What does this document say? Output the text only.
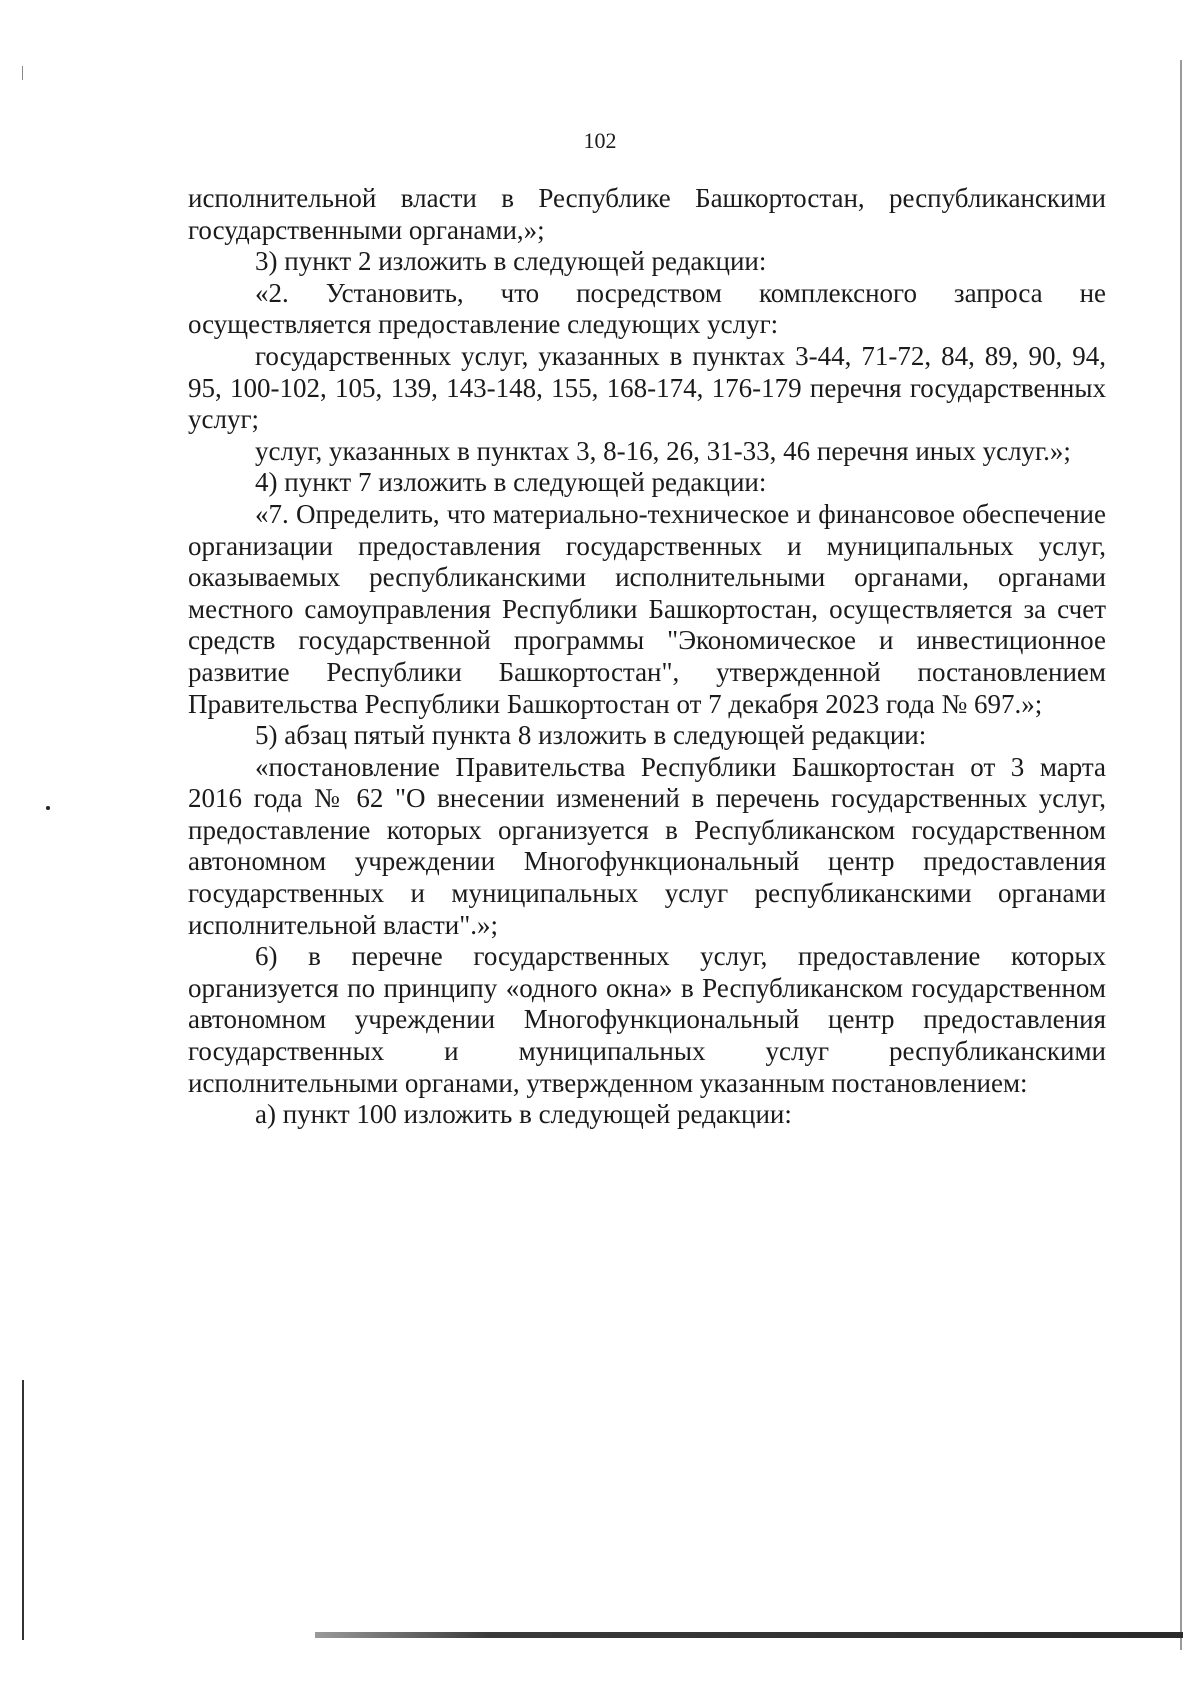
102

исполнительной власти в Республике Башкортостан, республиканскими государственными органами,»;

3) пункт 2 изложить в следующей редакции:

«2. Установить, что посредством комплексного запроса не осуществляется предоставление следующих услуг:

государственных услуг, указанных в пунктах 3-44, 71-72, 84, 89, 90, 94, 95, 100-102, 105, 139, 143-148, 155, 168-174, 176-179 перечня государственных услуг;

услуг, указанных в пунктах 3, 8-16, 26, 31-33, 46 перечня иных услуг.»;

4) пункт 7 изложить в следующей редакции:

«7. Определить, что материально-техническое и финансовое обеспечение организации предоставления государственных и муниципальных услуг, оказываемых республиканскими исполнительными органами, органами местного самоуправления Республики Башкортостан, осуществляется за счет средств государственной программы "Экономическое и инвестиционное развитие Республики Башкортостан", утвержденной постановлением Правительства Республики Башкортостан от 7 декабря 2023 года № 697.»;

5) абзац пятый пункта 8 изложить в следующей редакции:

«постановление Правительства Республики Башкортостан от 3 марта 2016 года № 62 "О внесении изменений в перечень государственных услуг, предоставление которых организуется в Республиканском государственном автономном учреждении Многофункциональный центр предоставления государственных и муниципальных услуг республиканскими органами исполнительной власти".»;

6) в перечне государственных услуг, предоставление которых организуется по принципу «одного окна» в Республиканском государственном автономном учреждении Многофункциональный центр предоставления государственных и муниципальных услуг республиканскими исполнительными органами, утвержденном указанным постановлением:

а) пункт 100 изложить в следующей редакции:
